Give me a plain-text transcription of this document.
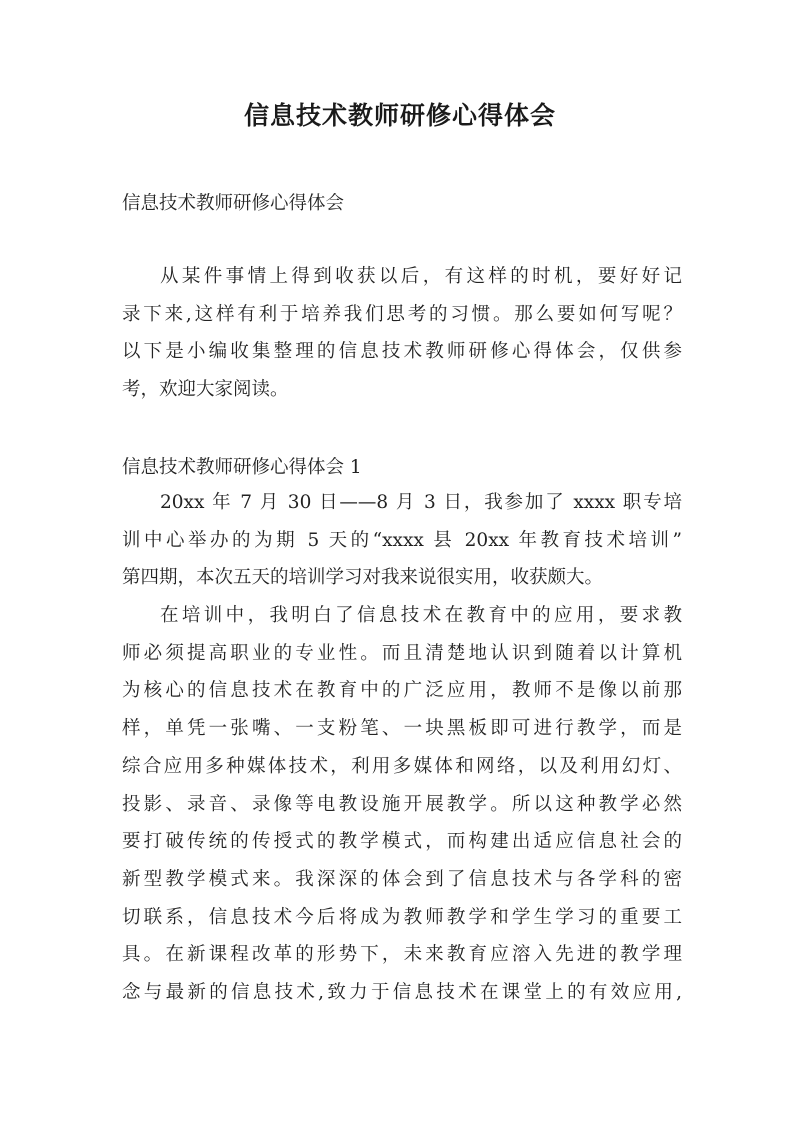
信息技术教师研修心得体会

信息技术教师研修心得体会

从某件事情上得到收获以后，有这样的时机，要好好记
录下来,这样有利于培养我们思考的习惯。那么要如何写呢？
以下是小编收集整理的信息技术教师研修心得体会，仅供参
考，欢迎大家阅读。

信息技术教师研修心得体会 1

20xx 年 7 月 30 日——8 月 3 日，我参加了 xxxx 职专培
训中心举办的为期 5 天的“xxxx 县 20xx 年教育技术培训”
第四期，本次五天的培训学习对我来说很实用，收获颇大。
在培训中，我明白了信息技术在教育中的应用，要求教
师必须提高职业的专业性。而且清楚地认识到随着以计算机
为核心的信息技术在教育中的广泛应用，教师不是像以前那
样，单凭一张嘴、一支粉笔、一块黑板即可进行教学，而是
综合应用多种媒体技术，利用多媒体和网络，以及利用幻灯、
投影、录音、录像等电教设施开展教学。所以这种教学必然
要打破传统的传授式的教学模式，而构建出适应信息社会的
新型教学模式来。我深深的体会到了信息技术与各学科的密
切联系，信息技术今后将成为教师教学和学生学习的重要工
具。在新课程改革的形势下，未来教育应溶入先进的教学理
念与最新的信息技术,致力于信息技术在课堂上的有效应用,
